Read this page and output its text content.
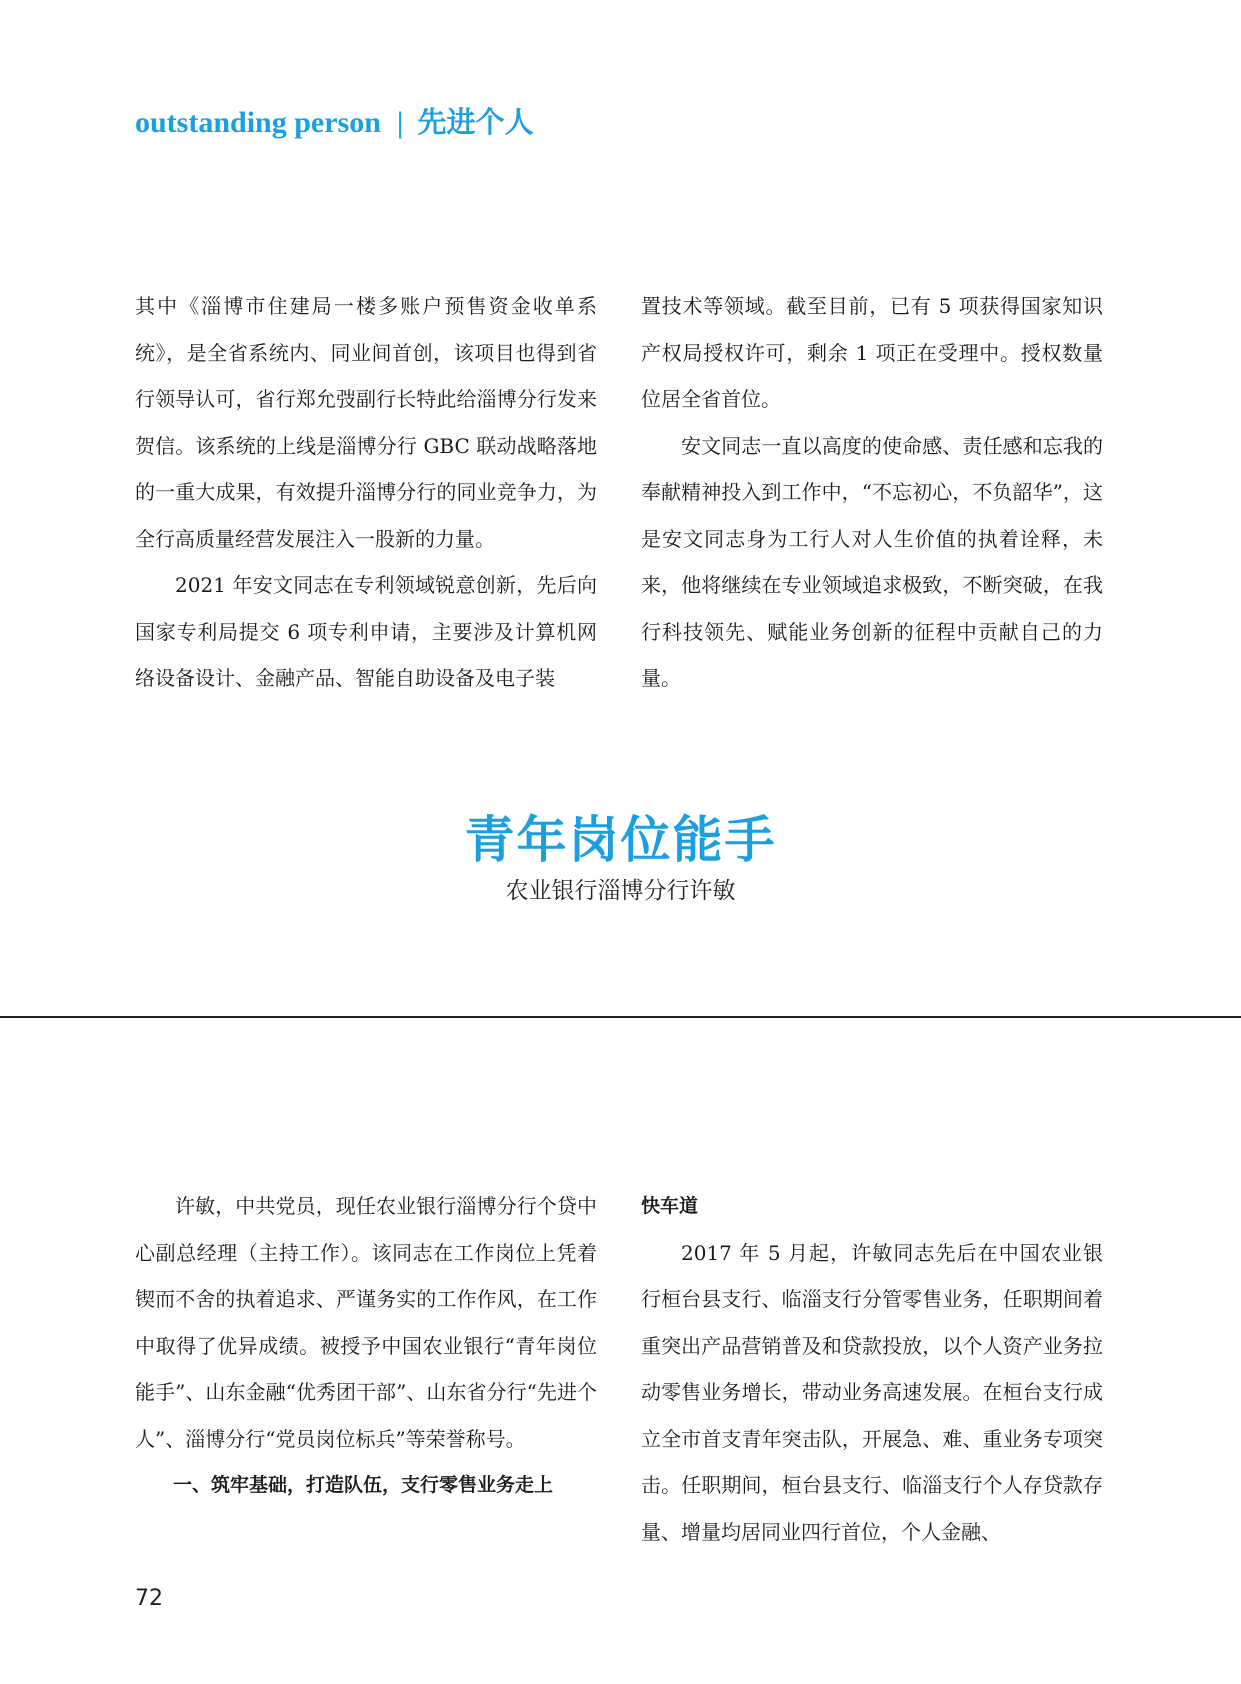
outstanding person | 先进个人

其中《淄博市住建局一楼多账户预售资金收单系统》，是全省系统内、同业间首创，该项目也得到省行领导认可，省行郑允弢副行长特此给淄博分行发来贺信。该系统的上线是淄博分行 GBC 联动战略落地的一重大成果，有效提升淄博分行的同业竞争力，为全行高质量经营发展注入一股新的力量。

2021 年安文同志在专利领域锐意创新，先后向国家专利局提交 6 项专利申请，主要涉及计算机网络设备设计、金融产品、智能自助设备及电子装

置技术等领域。截至目前，已有 5 项获得国家知识产权局授权许可，剩余 1 项正在受理中。授权数量位居全省首位。

安文同志一直以高度的使命感、责任感和忘我的奉献精神投入到工作中，“不忘初心，不负韶华”，这是安文同志身为工行人对人生价值的执着诠释，未来，他将继续在专业领域追求极致，不断突破，在我行科技领先、赋能业务创新的征程中贡献自己的力量。

青年岗位能手
农业银行淄博分行许敏

许敏，中共党员，现任农业银行淄博分行个贷中心副总经理（主持工作）。该同志在工作岗位上凭着锲而不舍的执着追求、严谨务实的工作作风，在工作中取得了优异成绩。被授予中国农业银行“青年岗位能手”、山东金融“优秀团干部”、山东省分行“先进个人”、淄博分行“党员岗位标兵”等荣誉称号。

一、筑牢基础，打造队伍，支行零售业务走上

快车道

2017 年 5 月起，许敏同志先后在中国农业银行桓台县支行、临淄支行分管零售业务，任职期间着重突出产品营销普及和贷款投放，以个人资产业务拉动零售业务增长，带动业务高速发展。在桓台支行成立全市首支青年突击队，开展急、难、重业务专项突击。任职期间，桓台县支行、临淄支行个人存贷款存量、增量均居同业四行首位，个人金融、

72
